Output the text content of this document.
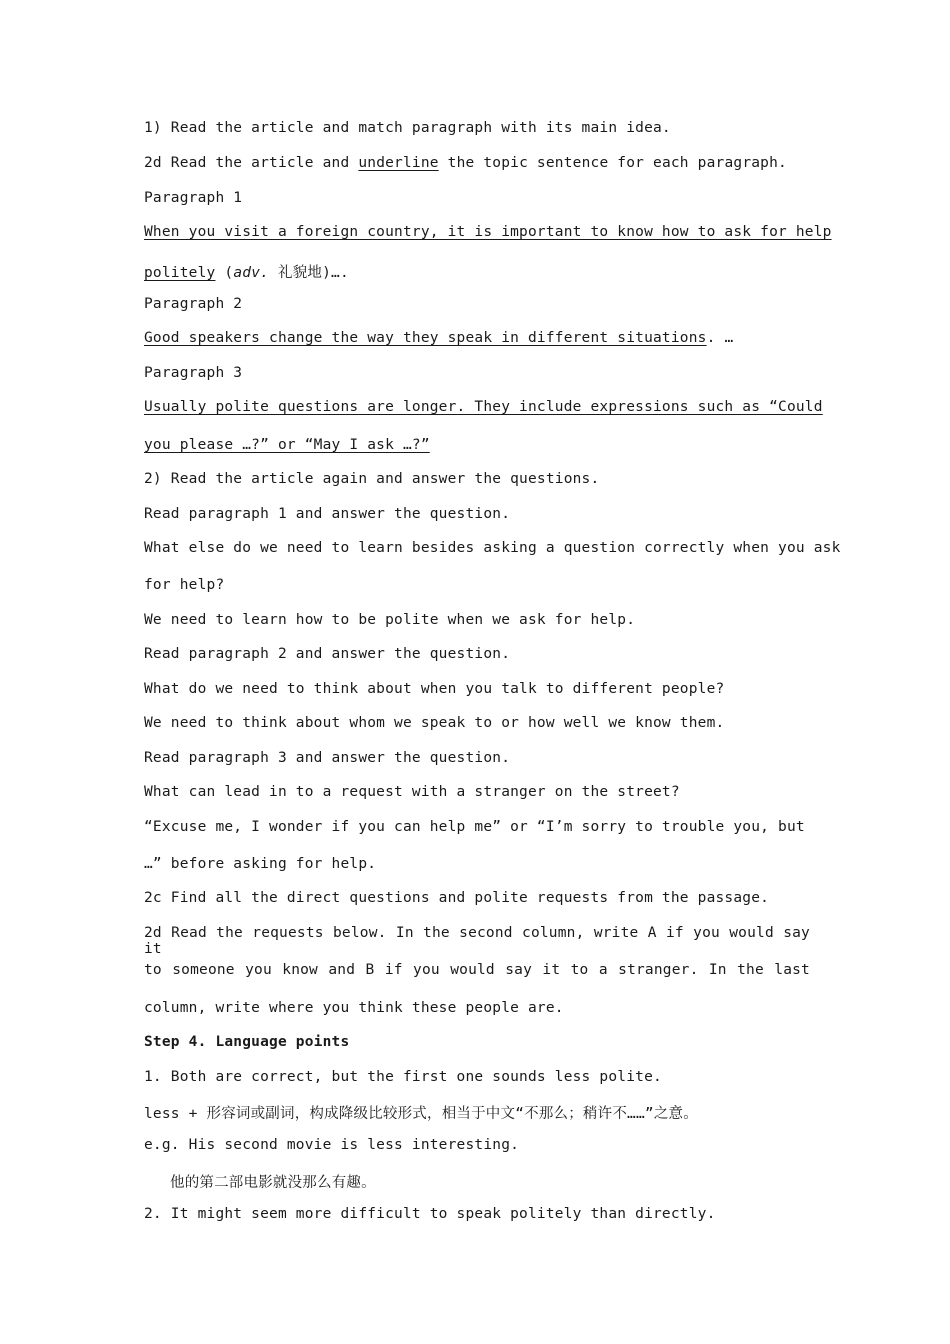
1) Read the article and match paragraph with its main idea.
2d Read the article and underline the topic sentence for each paragraph.
Paragraph 1
When you visit a foreign country, it is important to know how to ask for help
politely (adv. 礼貌地)….
Paragraph 2
Good speakers change the way they speak in different situations. …
Paragraph 3
Usually polite questions are longer. They include expressions such as “Could
you please …?” or “May I ask …?”
2) Read the article again and answer the questions.
Read paragraph 1 and answer the question.
What else do we need to learn besides asking a question correctly when you ask
for help?
We need to learn how to be polite when we ask for help.
Read paragraph 2 and answer the question.
What do we need to think about when you talk to different people?
We need to think about whom we speak to or how well we know them.
Read paragraph 3 and answer the question.
What can lead in to a request with a stranger on the street?
“Excuse me, I wonder if you can help me” or “I’m sorry to trouble you, but
…” before asking for help.
2c Find all the direct questions and polite requests from the passage.
2d Read the requests below. In the second column, write A if you would say it
to someone you know and B if you would say it to a stranger. In the last
column, write where you think these people are.
Step 4. Language points
1. Both are correct, but the first one sounds less polite.
less + 形容词或副词，构成降级比较形式，相当于中文“不那么；稍许不……”之意。
e.g. His second movie is less interesting.
他的第二部电影就没那么有趣。
2. It might seem more difficult to speak politely than directly.
